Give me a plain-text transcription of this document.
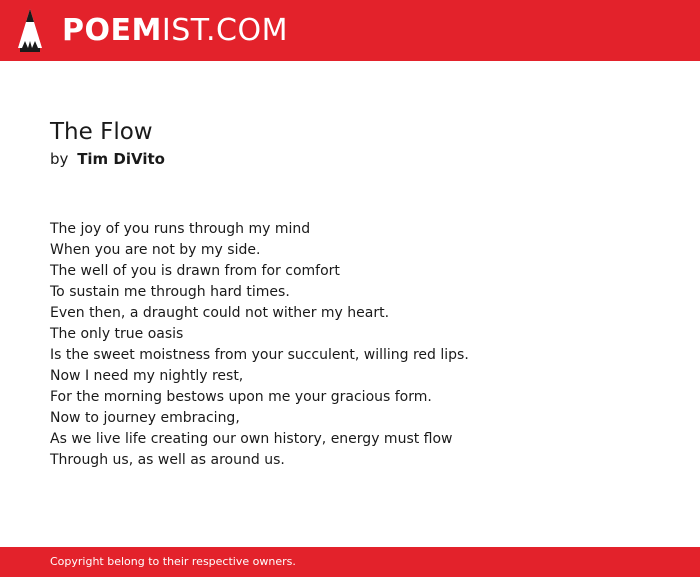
POEMIST.COM
The Flow
by Tim DiVito
The joy of you runs through my mind
When you are not by my side.
The well of you is drawn from for comfort
To sustain me through hard times.
Even then, a draught could not wither my heart.
The only true oasis
Is the sweet moistness from your succulent, willing red lips.
Now I need my nightly rest,
For the morning bestows upon me your gracious form.
Now to journey embracing,
As we live life creating our own history, energy must flow
Through us, as well as around us.
Copyright belong to their respective owners.
